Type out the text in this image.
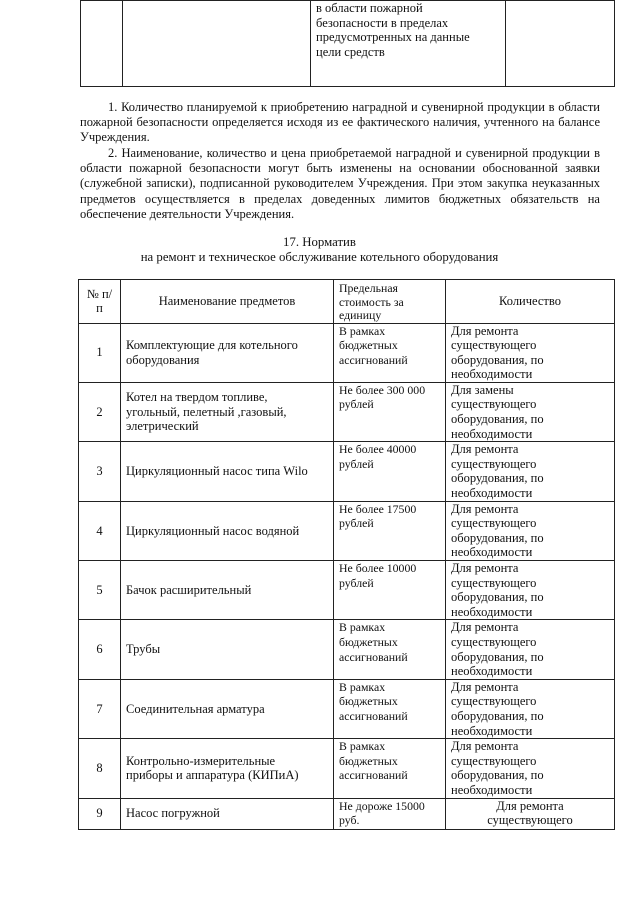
		в области пожарной
безопасности в пределах
предусмотренных на данные
цели средств	

1. Количество планируемой к приобретению наградной и сувенирной продукции в области пожарной безопасности определяется исходя из ее фактического наличия, учтенного на балансе Учреждения.

2. Наименование, количество и цена приобретаемой наградной и сувенирной продукции в области пожарной безопасности могут быть изменены на основании обоснованной заявки (служебной записки), подписанной руководителем Учреждения. При этом закупка неуказанных предметов осуществляется в пределах доведенных лимитов бюджетных обязательств на обеспечение деятельности Учреждения.

17. Норматив
на ремонт и техническое обслуживание котельного оборудования
№ п/п	Наименование предметов	Предельная стоимость за единицу	Количество
1	Комплектующие для котельного оборудования	В рамках
бюджетных
ассигнований	Для ремонта
существующего
оборудования, по
необходимости
2	Котел на твердом топливе,
угольный, пелетный ,газовый,
элетрический	Не более 300 000
рублей	Для замены
существующего
оборудования, по
необходимости
3	Циркуляционный насос типа Wilo	Не более 40000
рублей	Для ремонта
существующего
оборудования, по
необходимости
4	Циркуляционный насос водяной	Не более 17500
рублей	Для ремонта
существующего
оборудования, по
необходимости
5	Бачок расширительный	Не более 10000
рублей	Для ремонта
существующего
оборудования, по
необходимости
6	Трубы	В рамках
бюджетных
ассигнований	Для ремонта
существующего
оборудования, по
необходимости
7	Соединительная арматура	В рамках
бюджетных
ассигнований	Для ремонта
существующего
оборудования, по
необходимости
8	Контрольно-измерительные
приборы и аппаратура (КИПиА)	В рамках
бюджетных
ассигнований	Для ремонта
существующего
оборудования, по
необходимости
9	Насос погружной	Не дороже 15000
руб.	Для ремонта
существующего
